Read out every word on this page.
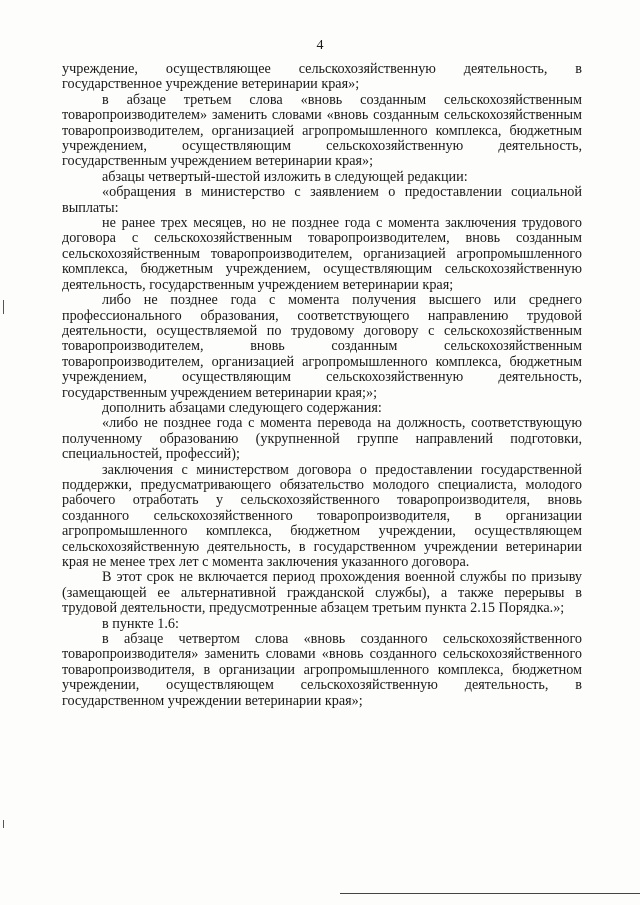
4

учреждение, осуществляющее сельскохозяйственную деятельность, в государственное учреждение ветеринарии края»;

в абзаце третьем слова «вновь созданным сельскохозяйственным товаропроизводителем» заменить словами «вновь созданным сельскохозяйственным товаропроизводителем, организацией агропромышленного комплекса, бюджетным учреждением, осуществляющим сельскохозяйственную деятельность, государственным учреждением ветеринарии края»;

абзацы четвертый-шестой изложить в следующей редакции:

«обращения в министерство с заявлением о предоставлении социальной выплаты:

не ранее трех месяцев, но не позднее года с момента заключения трудового договора с сельскохозяйственным товаропроизводителем, вновь созданным сельскохозяйственным товаропроизводителем, организацией агропромышленного комплекса, бюджетным учреждением, осуществляющим сельскохозяйственную деятельность, государственным учреждением ветеринарии края;

либо не позднее года с момента получения высшего или среднего профессионального образования, соответствующего направлению трудовой деятельности, осуществляемой по трудовому договору с сельскохозяйственным товаропроизводителем, вновь созданным сельскохозяйственным товаропроизводителем, организацией агропромышленного комплекса, бюджетным учреждением, осуществляющим сельскохозяйственную деятельность, государственным учреждением ветеринарии края;»;

дополнить абзацами следующего содержания:

«либо не позднее года с момента перевода на должность, соответствующую полученному образованию (укрупненной группе направлений подготовки, специальностей, профессий);

заключения с министерством договора о предоставлении государственной поддержки, предусматривающего обязательство молодого специалиста, молодого рабочего отработать у сельскохозяйственного товаропроизводителя, вновь созданного сельскохозяйственного товаропроизводителя, в организации агропромышленного комплекса, бюджетном учреждении, осуществляющем сельскохозяйственную деятельность, в государственном учреждении ветеринарии края не менее трех лет с момента заключения указанного договора.

В этот срок не включается период прохождения военной службы по призыву (замещающей ее альтернативной гражданской службы), а также перерывы в трудовой деятельности, предусмотренные абзацем третьим пункта 2.15 Порядка.»;

в пункте 1.6:

в абзаце четвертом слова «вновь созданного сельскохозяйственного товаропроизводителя» заменить словами «вновь созданного сельскохозяйственного товаропроизводителя, в организации агропромышленного комплекса, бюджетном учреждении, осуществляющем сельскохозяйственную деятельность, в государственном учреждении ветеринарии края»;
